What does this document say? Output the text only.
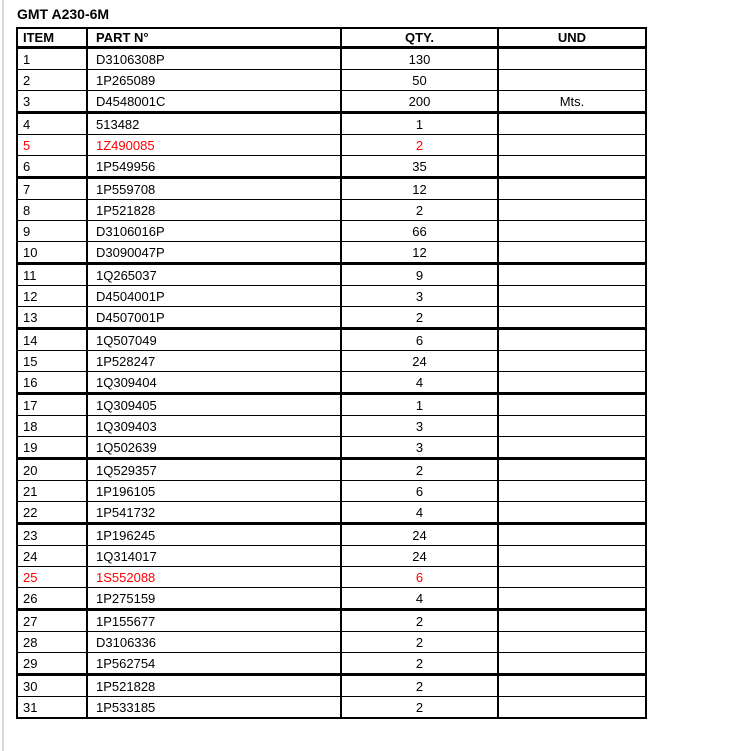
GMT A230-6M
ITEM	PART N°	QTY.	UND
1	D3106308P	130	
2	1P265089	50	
3	D4548001C	200	Mts.
4	513482	1	
5	1Z490085	2	
6	1P549956	35	
7	1P559708	12	
8	1P521828	2	
9	D3106016P	66	
10	D3090047P	12	
11	1Q265037	9	
12	D4504001P	3	
13	D4507001P	2	
14	1Q507049	6	
15	1P528247	24	
16	1Q309404	4	
17	1Q309405	1	
18	1Q309403	3	
19	1Q502639	3	
20	1Q529357	2	
21	1P196105	6	
22	1P541732	4	
23	1P196245	24	
24	1Q314017	24	
25	1S552088	6	
26	1P275159	4	
27	1P155677	2	
28	D3106336	2	
29	1P562754	2	
30	1P521828	2	
31	1P533185	2	
